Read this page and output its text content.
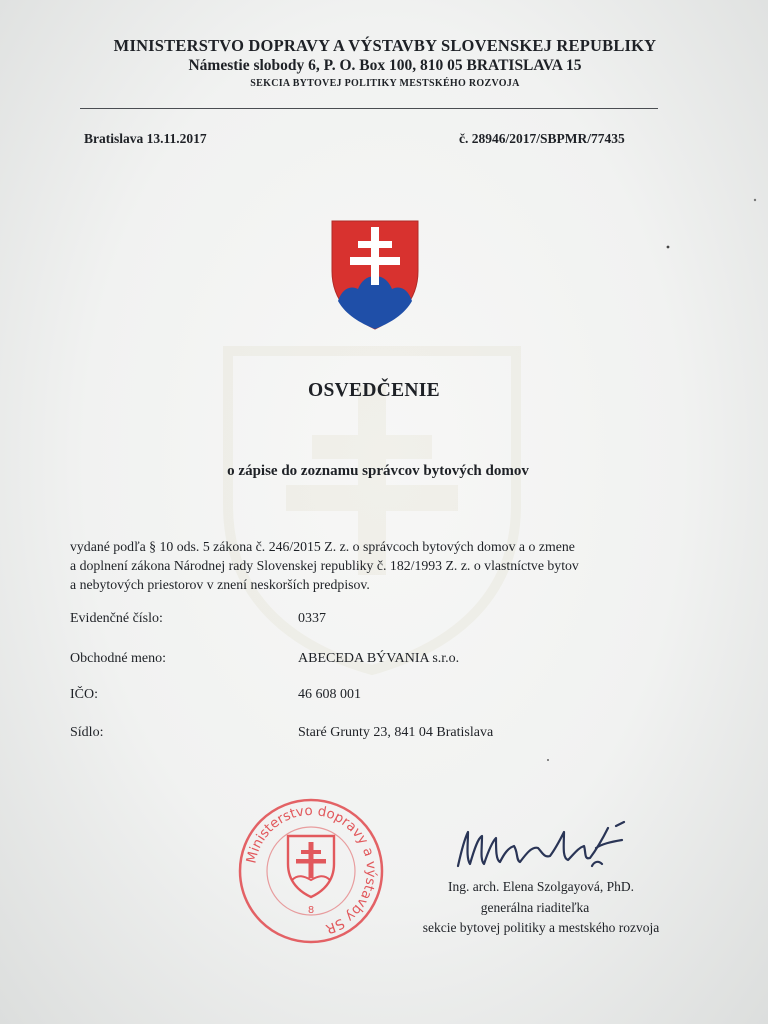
MINISTERSTVO DOPRAVY A VÝSTAVBY SLOVENSKEJ REPUBLIKY
Námestie slobody 6, P. O. Box 100, 810 05 BRATISLAVA 15
SEKCIA BYTOVEJ POLITIKY MESTSKÉHO ROZVOJA
Bratislava 13.11.2017	č. 28946/2017/SBPMR/77435
OSVEDČENIE
o zápise do zoznamu správcov bytových domov
vydané podľa § 10 ods. 5 zákona č. 246/2015 Z. z. o správcoch bytových domov a o zmene
a doplnení zákona Národnej rady Slovenskej republiky č. 182/1993 Z. z. o vlastníctve bytov
a nebytových priestorov v znení neskorších predpisov.
Evidenčné číslo:	0337
Obchodné meno:	ABECEDA BÝVANIA s.r.o.
IČO:	46 608 001
Sídlo:	Staré Grunty 23, 841 04 Bratislava
Ministerstvo dopravy a výstavby SR
8
Ing. arch. Elena Szolgayová, PhD.
generálna riaditeľka
sekcie bytovej politiky a mestského rozvoja
